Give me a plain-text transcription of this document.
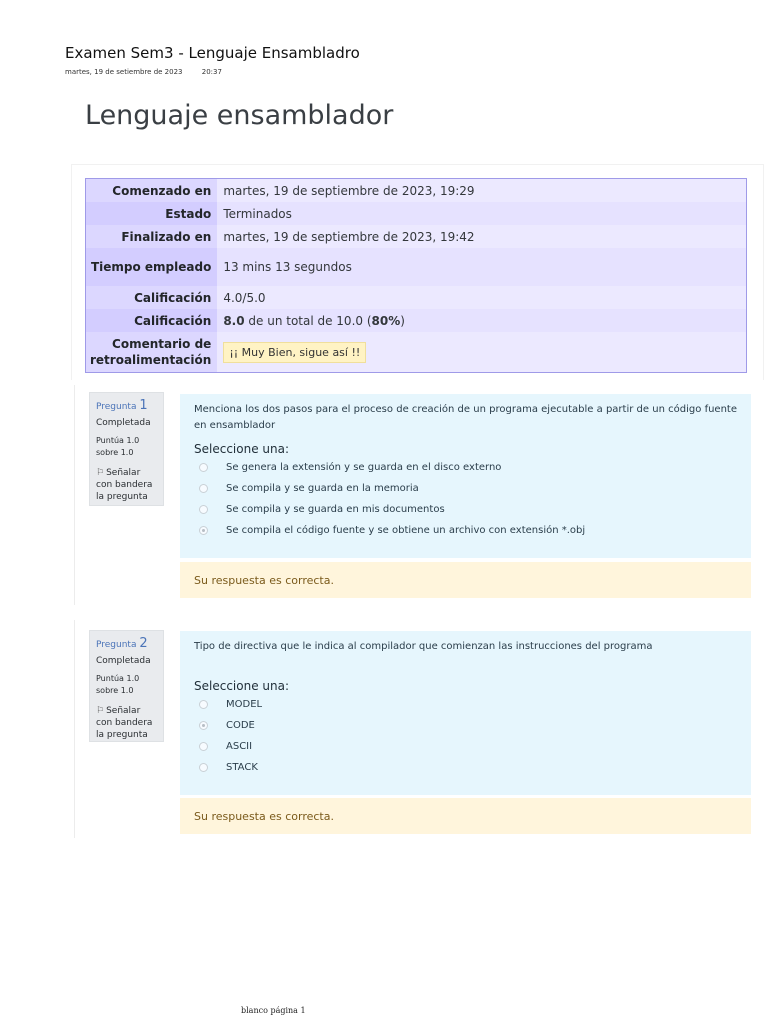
Examen Sem3 - Lenguaje Ensambladro
martes, 19 de setiembre de 2023	20:37
Lenguaje ensamblador
Comenzado en	martes, 19 de septiembre de 2023, 19:29
Estado	Terminados
Finalizado en	martes, 19 de septiembre de 2023, 19:42
Tiempo empleado	13 mins 13 segundos
Calificación	4.0/5.0
Calificación	8.0 de un total de 10.0 (80%)
Comentario de retroalimentación	¡¡ Muy Bien, sigue así !!
Pregunta 1
Completada
Puntúa 1.0 sobre 1.0
⚐ Señalar con bandera la pregunta
Menciona los dos pasos para el proceso de creación de un programa ejecutable a partir de un código fuente en ensamblador
Seleccione una:
Se genera la extensión y se guarda en el disco externo
Se compila y se guarda en la memoria
Se compila y se guarda en mis documentos
Se compila el código fuente y se obtiene un archivo con extensión *.obj
Su respuesta es correcta.
Pregunta 2
Completada
Puntúa 1.0 sobre 1.0
⚐ Señalar con bandera la pregunta
Tipo de directiva que le indica al compilador que comienzan las instrucciones del programa
Seleccione una:
MODEL
CODE
ASCII
STACK
Su respuesta es correcta.
blanco página 1
